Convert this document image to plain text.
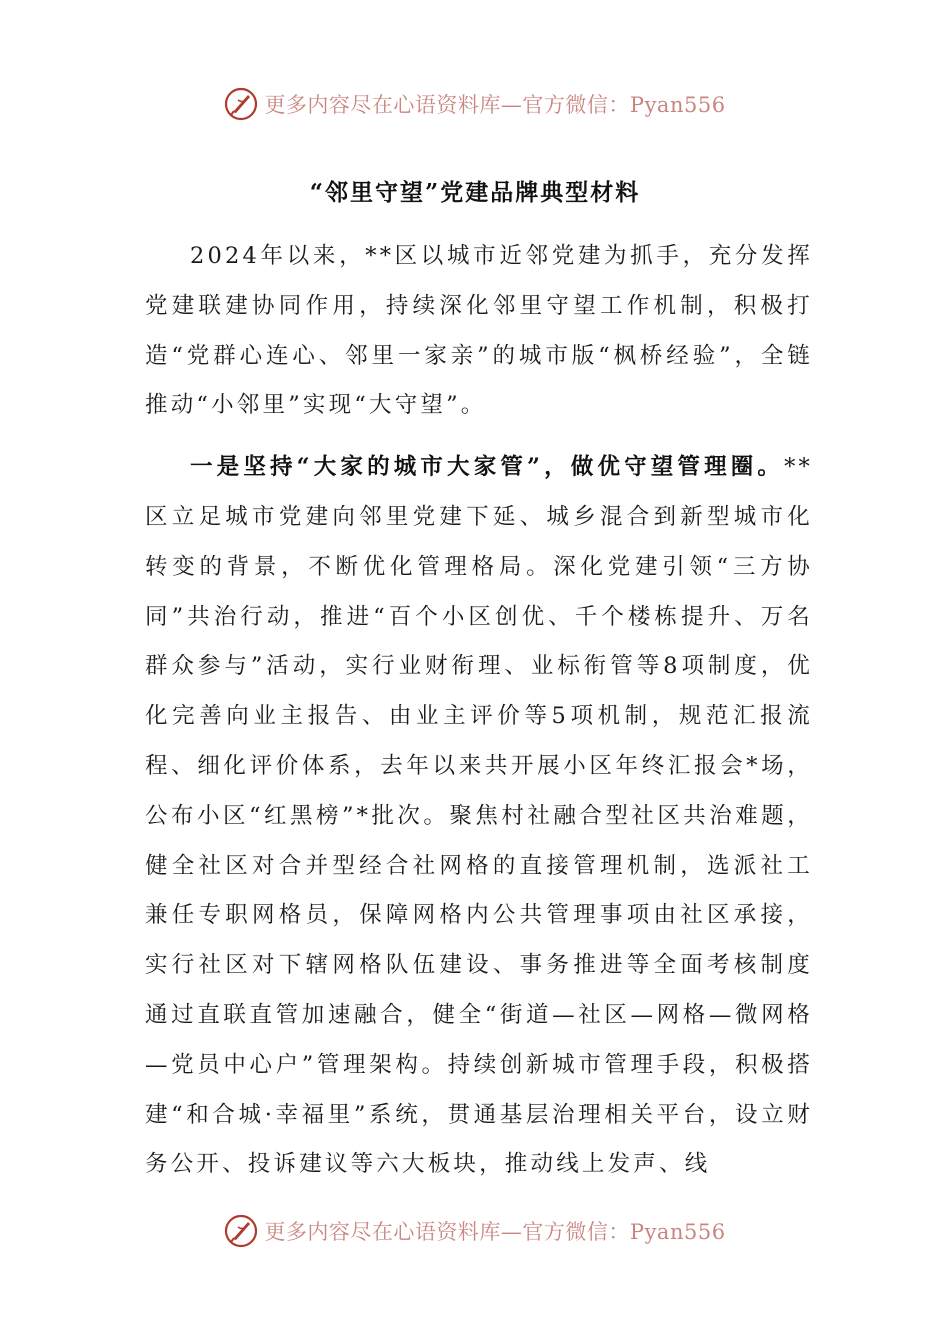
更多内容尽在心语资料库—官方微信：Pyan556
“邻里守望”党建品牌典型材料

2024年以来，**区以城市近邻党建为抓手，充分发挥党建联建协同作用，持续深化邻里守望工作机制，积极打造“党群心连心、邻里一家亲”的城市版“枫桥经验”，全链推动“小邻里”实现“大守望”。

一是坚持“大家的城市大家管”，做优守望管理圈。**区立足城市党建向邻里党建下延、城乡混合到新型城市化转变的背景，不断优化管理格局。深化党建引领“三方协同”共治行动，推进“百个小区创优、千个楼栋提升、万名群众参与”活动，实行业财衔理、业标衔管等8项制度，优化完善向业主报告、由业主评价等5项机制，规范汇报流程、细化评价体系，去年以来共开展小区年终汇报会*场，公布小区“红黑榜”*批次。聚焦村社融合型社区共治难题，健全社区对合并型经合社网格的直接管理机制，选派社工兼任专职网格员，保障网格内公共管理事项由社区承接，实行社区对下辖网格队伍建设、事务推进等全面考核制度通过直联直管加速融合，健全“街道—社区—网格—微网格—党员中心户”管理架构。持续创新城市管理手段，积极搭建“和合城·幸福里”系统，贯通基层治理相关平台，设立财务公开、投诉建议等六大板块，推动线上发声、线

更多内容尽在心语资料库—官方微信：Pyan556
